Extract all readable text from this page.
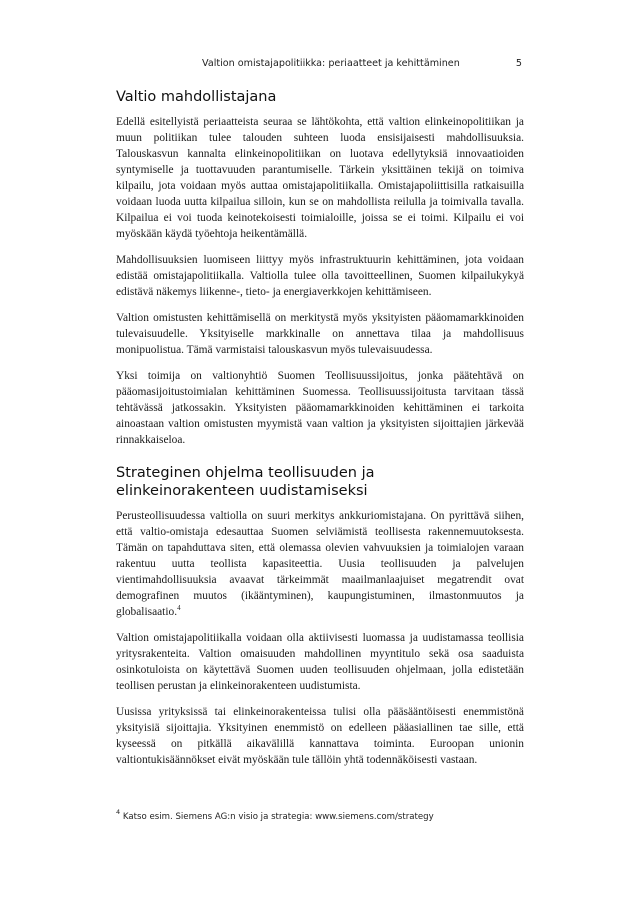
Valtion omistajapolitiikka: periaatteet ja kehittäminen	5
Valtio mahdollistajana

Edellä esitellyistä periaatteista seuraa se lähtökohta, että valtion elinkeinopolitiikan ja muun politiikan tulee talouden suhteen luoda ensisijaisesti mahdollisuuksia. Talouskasvun kannalta elinkeinopolitiikan on luotava edellytyksiä innovaatioiden syntymiselle ja tuottavuuden parantumiselle. Tärkein yksittäinen tekijä on toimiva kilpailu, jota voidaan myös auttaa omistajapolitiikalla. Omistajapoliittisilla ratkaisuilla voidaan luoda uutta kilpailua silloin, kun se on mahdollista reilulla ja toimivalla tavalla. Kilpailua ei voi tuoda keinotekoisesti toimialoille, joissa se ei toimi. Kilpailu ei voi myöskään käydä työehtoja heikentämällä.

Mahdollisuuksien luomiseen liittyy myös infrastruktuurin kehittäminen, jota voidaan edistää omistajapolitiikalla. Valtiolla tulee olla tavoitteellinen, Suomen kilpailukykyä edistävä näkemys liikenne-, tieto- ja energiaverkkojen kehittämiseen.

Valtion omistusten kehittämisellä on merkitystä myös yksityisten pääomamarkkinoiden tulevaisuudelle. Yksityiselle markkinalle on annettava tilaa ja mahdollisuus monipuolistua. Tämä varmistaisi talouskasvun myös tulevaisuudessa.

Yksi toimija on valtionyhtiö Suomen Teollisuussijoitus, jonka päätehtävä on pääomasijoitustoimialan kehittäminen Suomessa. Teollisuussijoitusta tarvitaan tässä tehtävässä jatkossakin. Yksityisten pääomamarkkinoiden kehittäminen ei tarkoita ainoastaan valtion omistusten myymistä vaan valtion ja yksityisten sijoittajien järkevää rinnakkaiseloa.

Strateginen ohjelma teollisuuden ja
elinkeinorakenteen uudistamiseksi

Perusteollisuudessa valtiolla on suuri merkitys ankkuriomistajana. On pyrittävä siihen, että valtio-omistaja edesauttaa Suomen selviämistä teollisesta rakennemuutoksesta. Tämän on tapahduttava siten, että olemassa olevien vahvuuksien ja toimialojen varaan rakentuu uutta teollista kapasiteettia. Uusia teollisuuden ja palvelujen vientimahdollisuuksia avaavat tärkeimmät maailmanlaajuiset megatrendit ovat demografinen muutos (ikääntyminen), kaupungistuminen, ilmastonmuutos ja globalisaatio.$^4$

Valtion omistajapolitiikalla voidaan olla aktiivisesti luomassa ja uudistamassa teollisia yritysrakenteita. Valtion omaisuuden mahdollinen myyntitulo sekä osa saaduista osinkotuloista on käytettävä Suomen uuden teollisuuden ohjelmaan, jolla edistetään teollisen perustan ja elinkeinorakenteen uudistumista.

Uusissa yrityksissä tai elinkeinorakenteissa tulisi olla pääsääntöisesti enemmistönä yksityisiä sijoittajia. Yksityinen enemmistö on edelleen pääasiallinen tae sille, että kyseessä on pitkällä aikavälillä kannattava toiminta. Euroopan unionin valtiontukisäännökset eivät myöskään tule tällöin yhtä todennäköisesti vastaan.

$^4$ Katso esim. Siemens AG:n visio ja strategia: www.siemens.com/strategy
